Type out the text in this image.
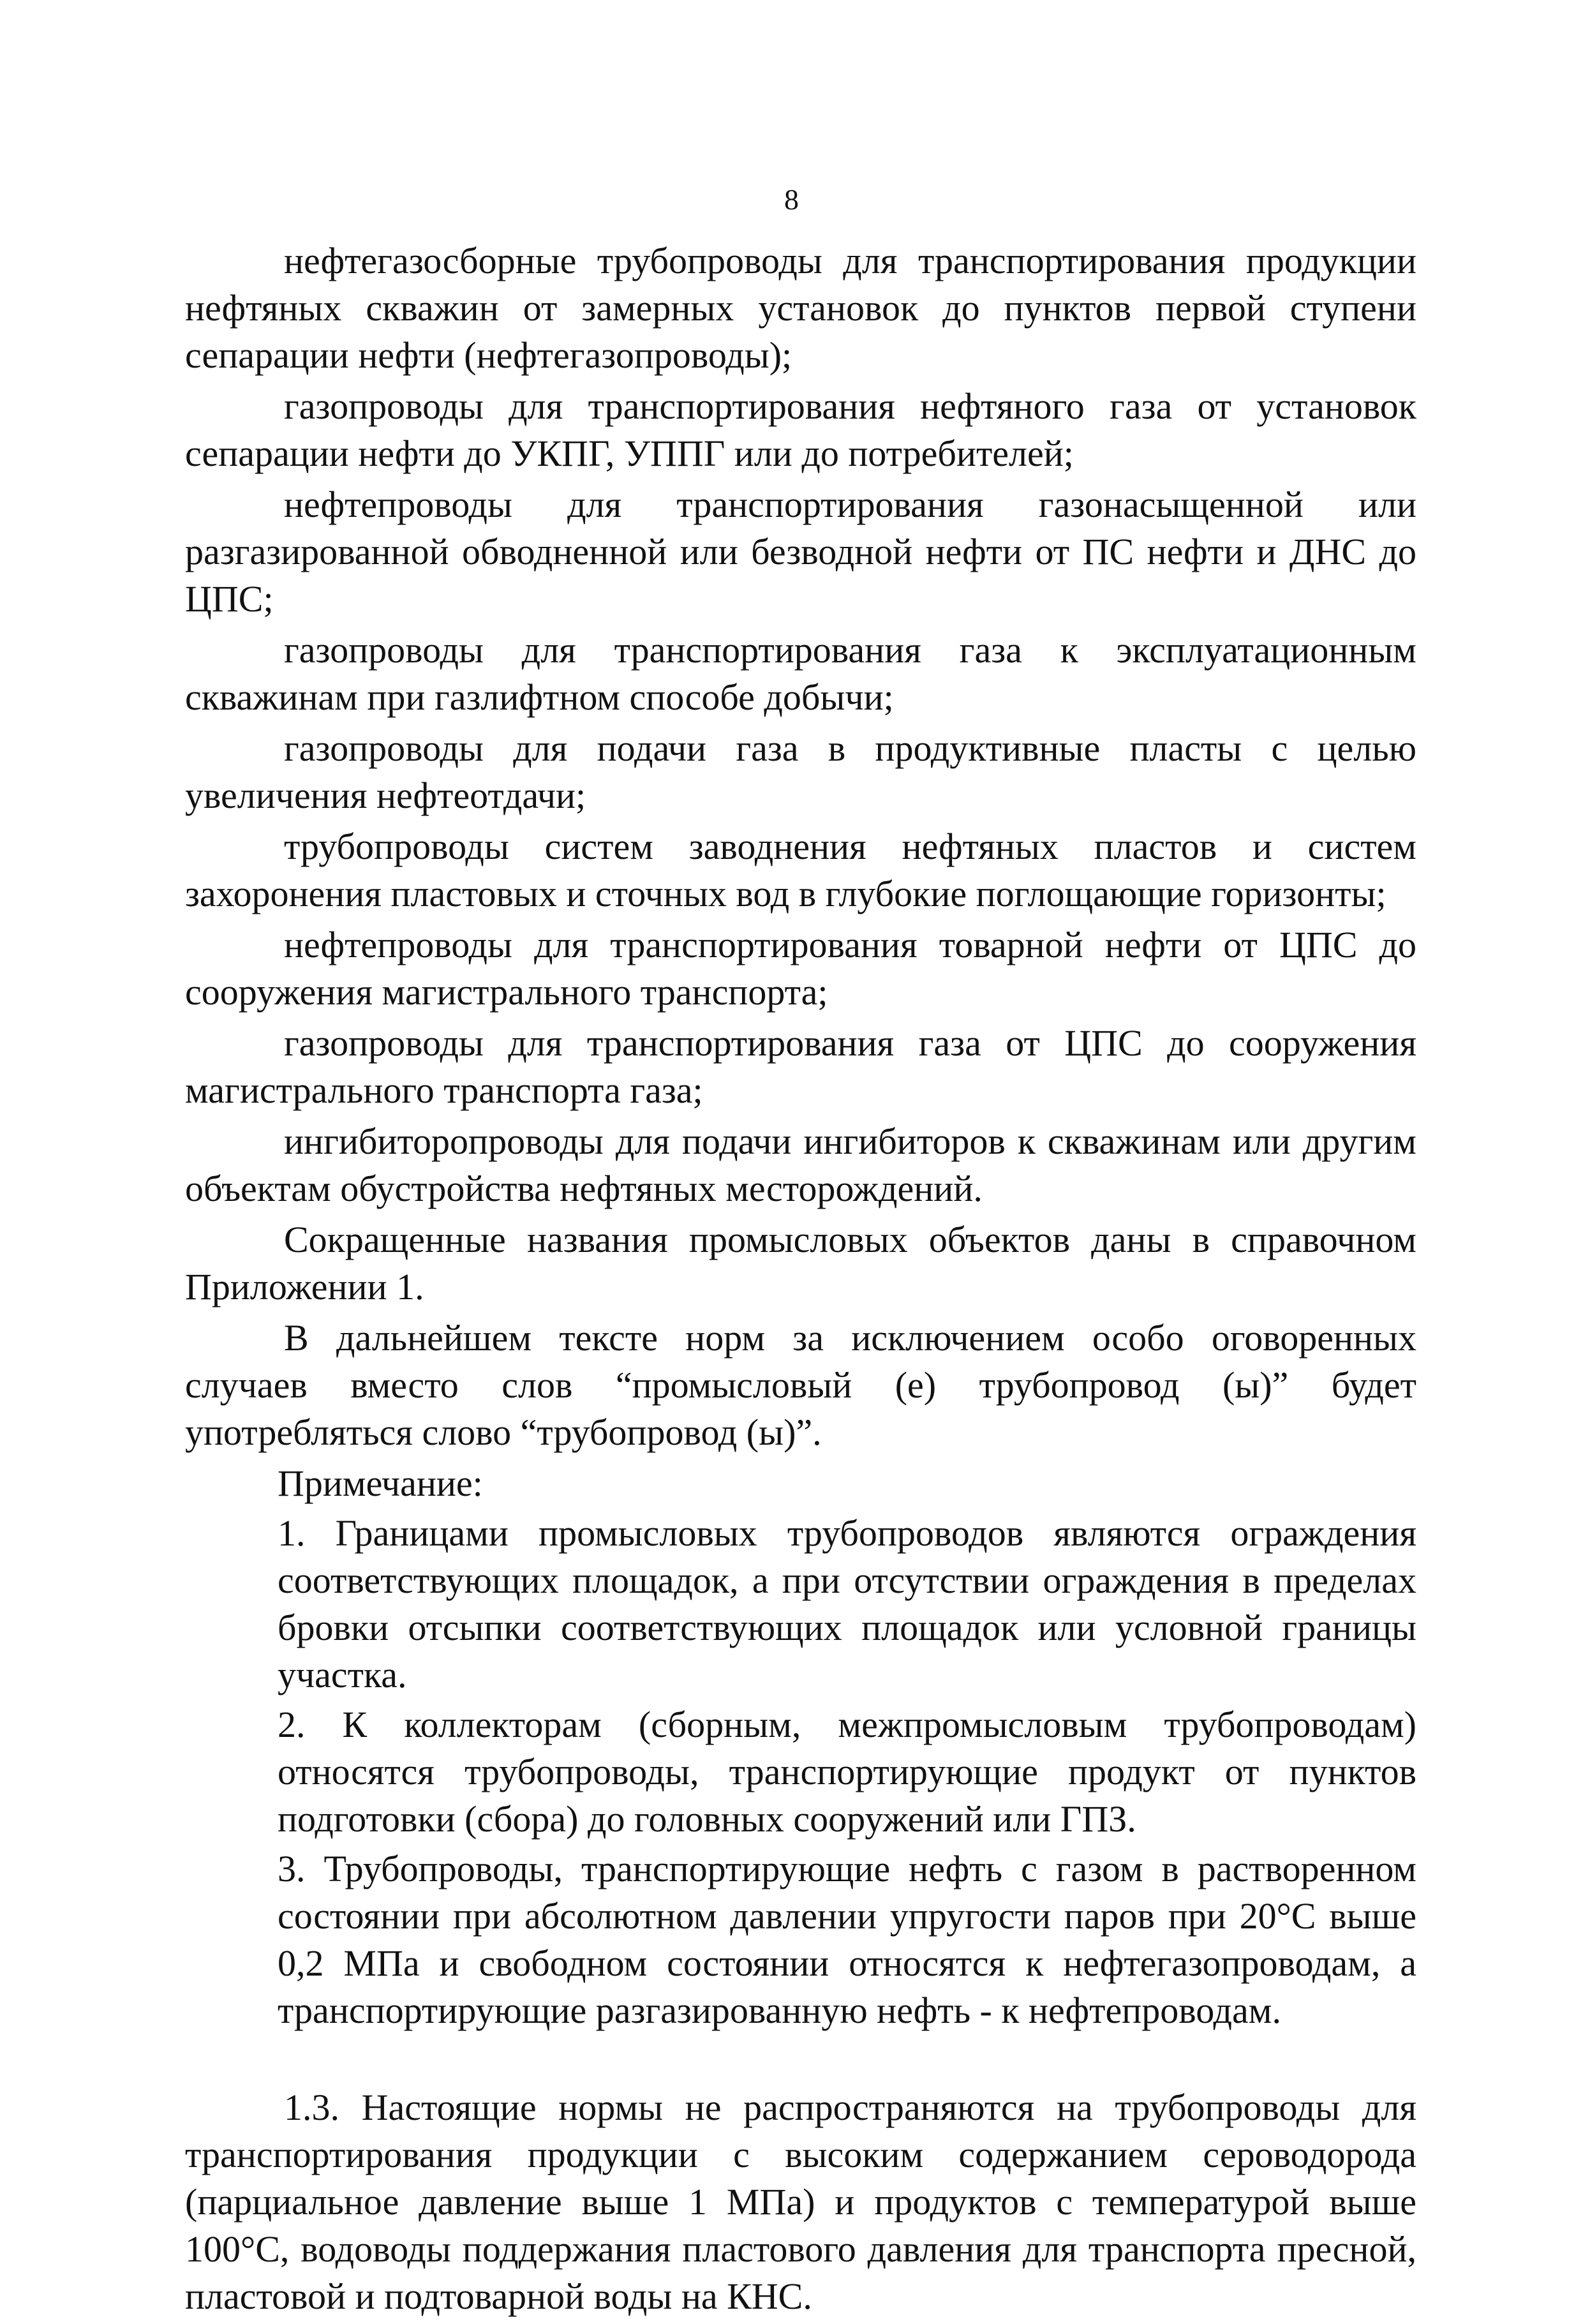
8

нефтегазосборные трубопроводы для транспортирования продукции нефтяных скважин от замерных установок до пунктов первой ступени сепарации нефти (нефтегазопроводы);

газопроводы для транспортирования нефтяного газа от установок сепарации нефти до УКПГ, УППГ или до потребителей;

нефтепроводы для транспортирования газонасыщенной или разгазированной обводненной или безводной нефти от ПС нефти и ДНС до ЦПС;

газопроводы для транспортирования газа к эксплуатационным скважинам при газлифтном способе добычи;

газопроводы для подачи газа в продуктивные пласты с целью увеличения нефтеотдачи;

трубопроводы систем заводнения нефтяных пластов и систем захоронения пластовых и сточных вод в глубокие поглощающие горизонты;

нефтепроводы для транспортирования товарной нефти от ЦПС до сооружения магистрального транспорта;

газопроводы для транспортирования газа от ЦПС до сооружения магистрального транспорта газа;

ингибиторопроводы для подачи ингибиторов к скважинам или другим объектам обустройства нефтяных месторождений.

Сокращенные названия промысловых объектов даны в справочном Приложении 1.

В дальнейшем тексте норм за исключением особо оговоренных случаев вместо слов “промысловый (е) трубопровод (ы)” будет употребляться слово “трубопровод (ы)”.

Примечание:

1. Границами промысловых трубопроводов являются ограждения соответствующих площадок, а при отсутствии ограждения в пределах бровки отсыпки соответствующих площадок или условной границы участка.

2. К коллекторам (сборным, межпромысловым трубопроводам) относятся трубопроводы, транспортирующие продукт от пунктов подготовки (сбора) до головных сооружений или ГПЗ.

3. Трубопроводы, транспортирующие нефть с газом в растворенном состоянии при абсолютном давлении упругости паров при 20°С выше 0,2 МПа и свободном состоянии относятся к нефтегазопроводам, а транспортирующие разгазированную нефть - к нефтепроводам.

1.3. Настоящие нормы не распространяются на трубопроводы для транспортирования продукции с высоким содержанием сероводорода (парциальное давление выше 1 МПа) и продуктов с температурой выше 100°С, водоводы поддержания пластового давления для транспорта пресной, пластовой и подтоварной воды на КНС.
